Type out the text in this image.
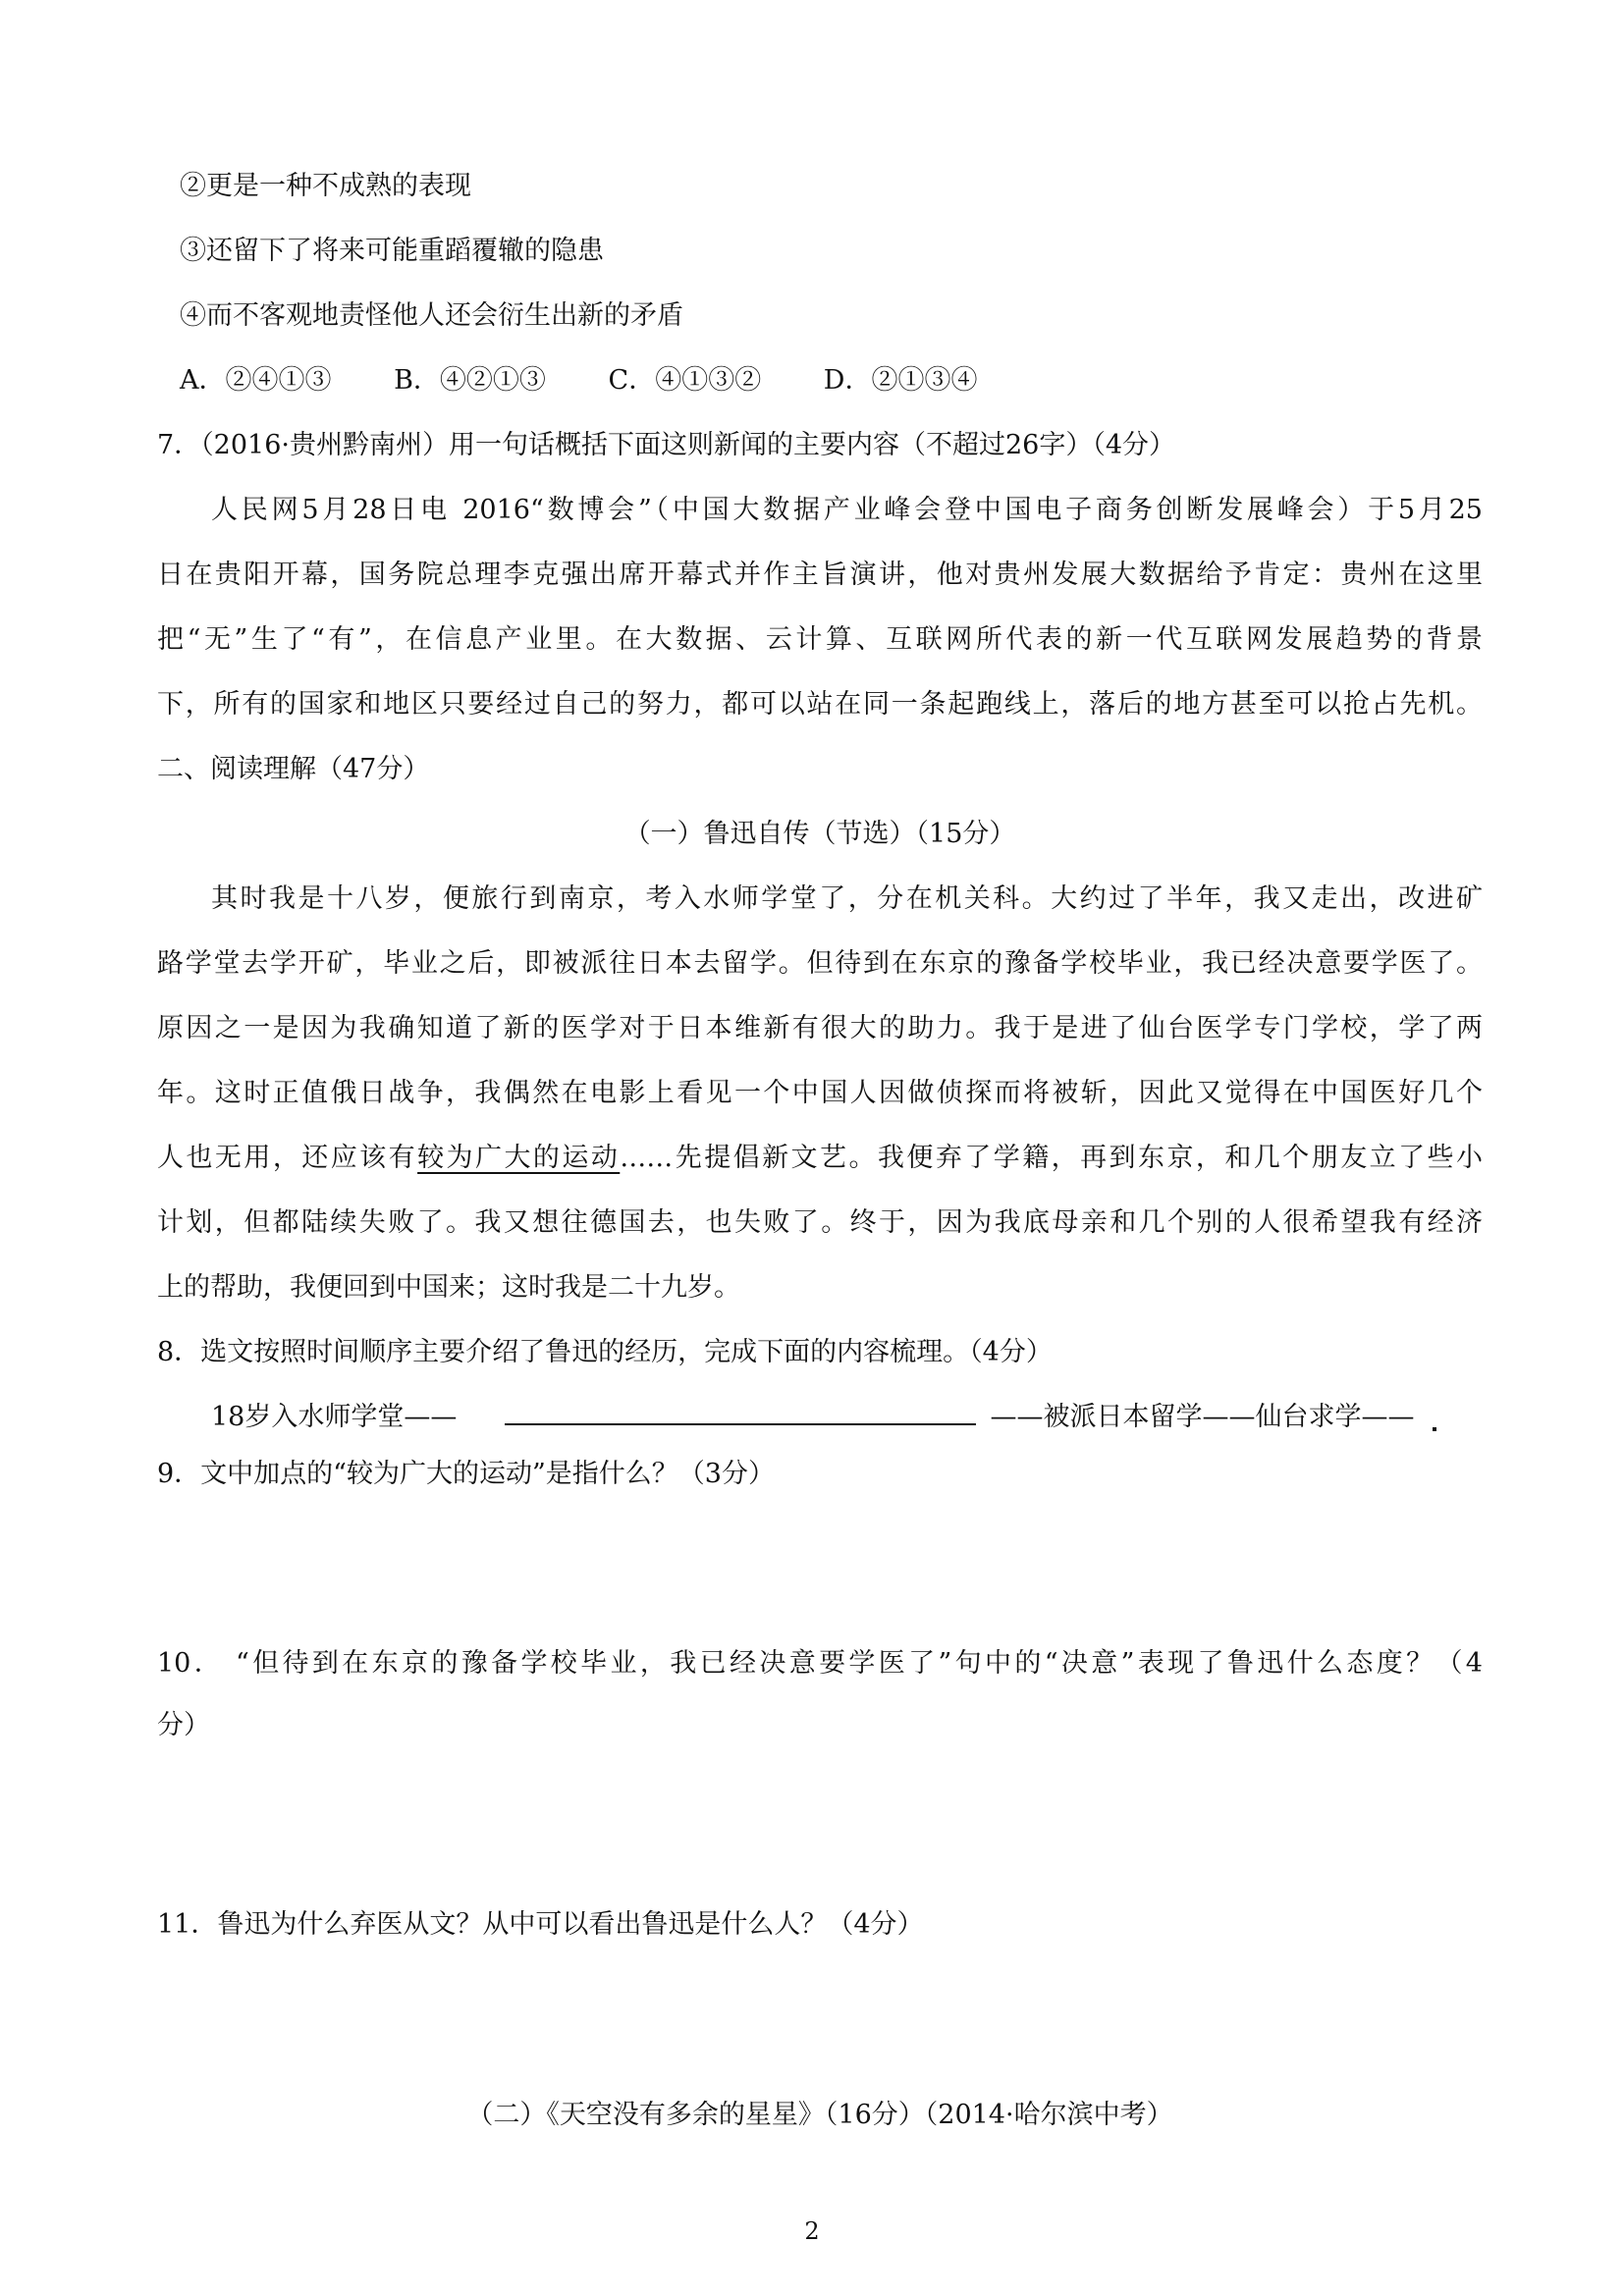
②更是一种不成熟的表现

③还留下了将来可能重蹈覆辙的隐患

④而不客观地责怪他人还会衍生出新的矛盾

A．②④①③ B．④②①③ C．④①③② D．②①③④

7．（2016·贵州黔南州）用一句话概括下面这则新闻的主要内容（不超过26字）（4分）

人民网5月28日电 2016“数博会”（中国大数据产业峰会登中国电子商务创断发展峰会）于5月25

日在贵阳开幕，国务院总理李克强出席开幕式并作主旨演讲，他对贵州发展大数据给予肯定：贵州在这里

把“无”生了“有”，在信息产业里。在大数据、云计算、互联网所代表的新一代互联网发展趋势的背景

下，所有的国家和地区只要经过自己的努力，都可以站在同一条起跑线上，落后的地方甚至可以抢占先机。

二、阅读理解（47分）

（一）鲁迅自传（节选）（15分）

其时我是十八岁，便旅行到南京，考入水师学堂了，分在机关科。大约过了半年，我又走出，改进矿

路学堂去学开矿，毕业之后，即被派往日本去留学。但待到在东京的豫备学校毕业，我已经决意要学医了。

原因之一是因为我确知道了新的医学对于日本维新有很大的助力。我于是进了仙台医学专门学校，学了两

年。这时正值俄日战争，我偶然在电影上看见一个中国人因做侦探而将被斩，因此又觉得在中国医好几个

人也无用，还应该有较为广大的运动……先提倡新文艺。我便弃了学籍，再到东京，和几个朋友立了些小

计划，但都陆续失败了。我又想往德国去，也失败了。终于，因为我底母亲和几个别的人很希望我有经济

上的帮助，我便回到中国来；这时我是二十九岁。

8．选文按照时间顺序主要介绍了鲁迅的经历，完成下面的内容梳理。（4分）

18岁入水师学堂——	——被派日本留学——仙台求学——

9．文中加点的“较为广大的运动”是指什么？（3分）

10． “但待到在东京的豫备学校毕业，我已经决意要学医了”句中的“决意”表现了鲁迅什么态度？（4

分）

11．鲁迅为什么弃医从文？从中可以看出鲁迅是什么人？（4分）

（二）《天空没有多余的星星》（16分）（2014·哈尔滨中考）

2
